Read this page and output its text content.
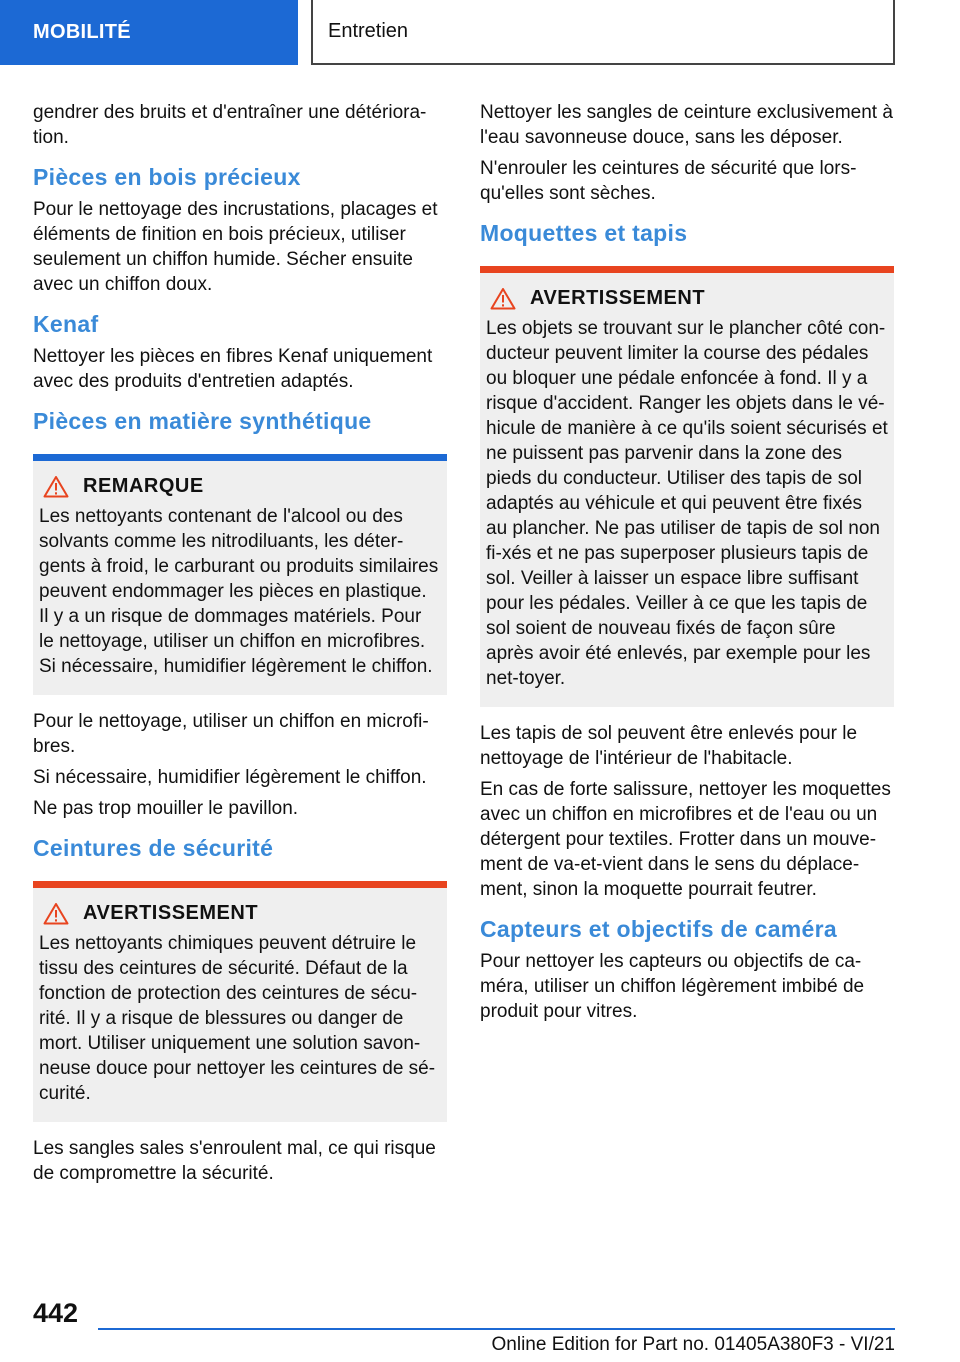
MOBILITÉ	Entretien

gendrer des bruits et d'entraîner une détériora-tion.

Pièces en bois précieux

Pour le nettoyage des incrustations, placages et éléments de finition en bois précieux, utiliser seulement un chiffon humide. Sécher ensuite avec un chiffon doux.

Kenaf

Nettoyer les pièces en fibres Kenaf uniquement avec des produits d'entretien adaptés.

Pièces en matière synthétique
REMARQUE

Les nettoyants contenant de l'alcool ou des solvants comme les nitrodiluants, les déter-gents à froid, le carburant ou produits similaires peuvent endommager les pièces en plastique. Il y a un risque de dommages matériels. Pour le nettoyage, utiliser un chiffon en microfibres. Si nécessaire, humidifier légèrement le chiffon.

Pour le nettoyage, utiliser un chiffon en microfi-bres.

Si nécessaire, humidifier légèrement le chiffon.

Ne pas trop mouiller le pavillon.

Ceintures de sécurité
AVERTISSEMENT

Les nettoyants chimiques peuvent détruire le tissu des ceintures de sécurité. Défaut de la fonction de protection des ceintures de sécu-rité. Il y a risque de blessures ou danger de mort. Utiliser uniquement une solution savon-neuse douce pour nettoyer les ceintures de sé-curité.

Les sangles sales s'enroulent mal, ce qui risque de compromettre la sécurité.

Nettoyer les sangles de ceinture exclusivement à l'eau savonneuse douce, sans les déposer.

N'enrouler les ceintures de sécurité que lors-qu'elles sont sèches.

Moquettes et tapis
AVERTISSEMENT

Les objets se trouvant sur le plancher côté con-ducteur peuvent limiter la course des pédales ou bloquer une pédale enfoncée à fond. Il y a risque d'accident. Ranger les objets dans le vé-hicule de manière à ce qu'ils soient sécurisés et ne puissent pas parvenir dans la zone des pieds du conducteur. Utiliser des tapis de sol adaptés au véhicule et qui peuvent être fixés au plancher. Ne pas utiliser de tapis de sol non fi-xés et ne pas superposer plusieurs tapis de sol. Veiller à laisser un espace libre suffisant pour les pédales. Veiller à ce que les tapis de sol soient de nouveau fixés de façon sûre après avoir été enlevés, par exemple pour les net-toyer.

Les tapis de sol peuvent être enlevés pour le nettoyage de l'intérieur de l'habitacle.

En cas de forte salissure, nettoyer les moquettes avec un chiffon en microfibres et de l'eau ou un détergent pour textiles. Frotter dans un mouve-ment de va-et-vient dans le sens du déplace-ment, sinon la moquette pourrait feutrer.

Capteurs et objectifs de caméra

Pour nettoyer les capteurs ou objectifs de ca-méra, utiliser un chiffon légèrement imbibé de produit pour vitres.

442
Online Edition for Part no. 01405A380F3 - VI/21
